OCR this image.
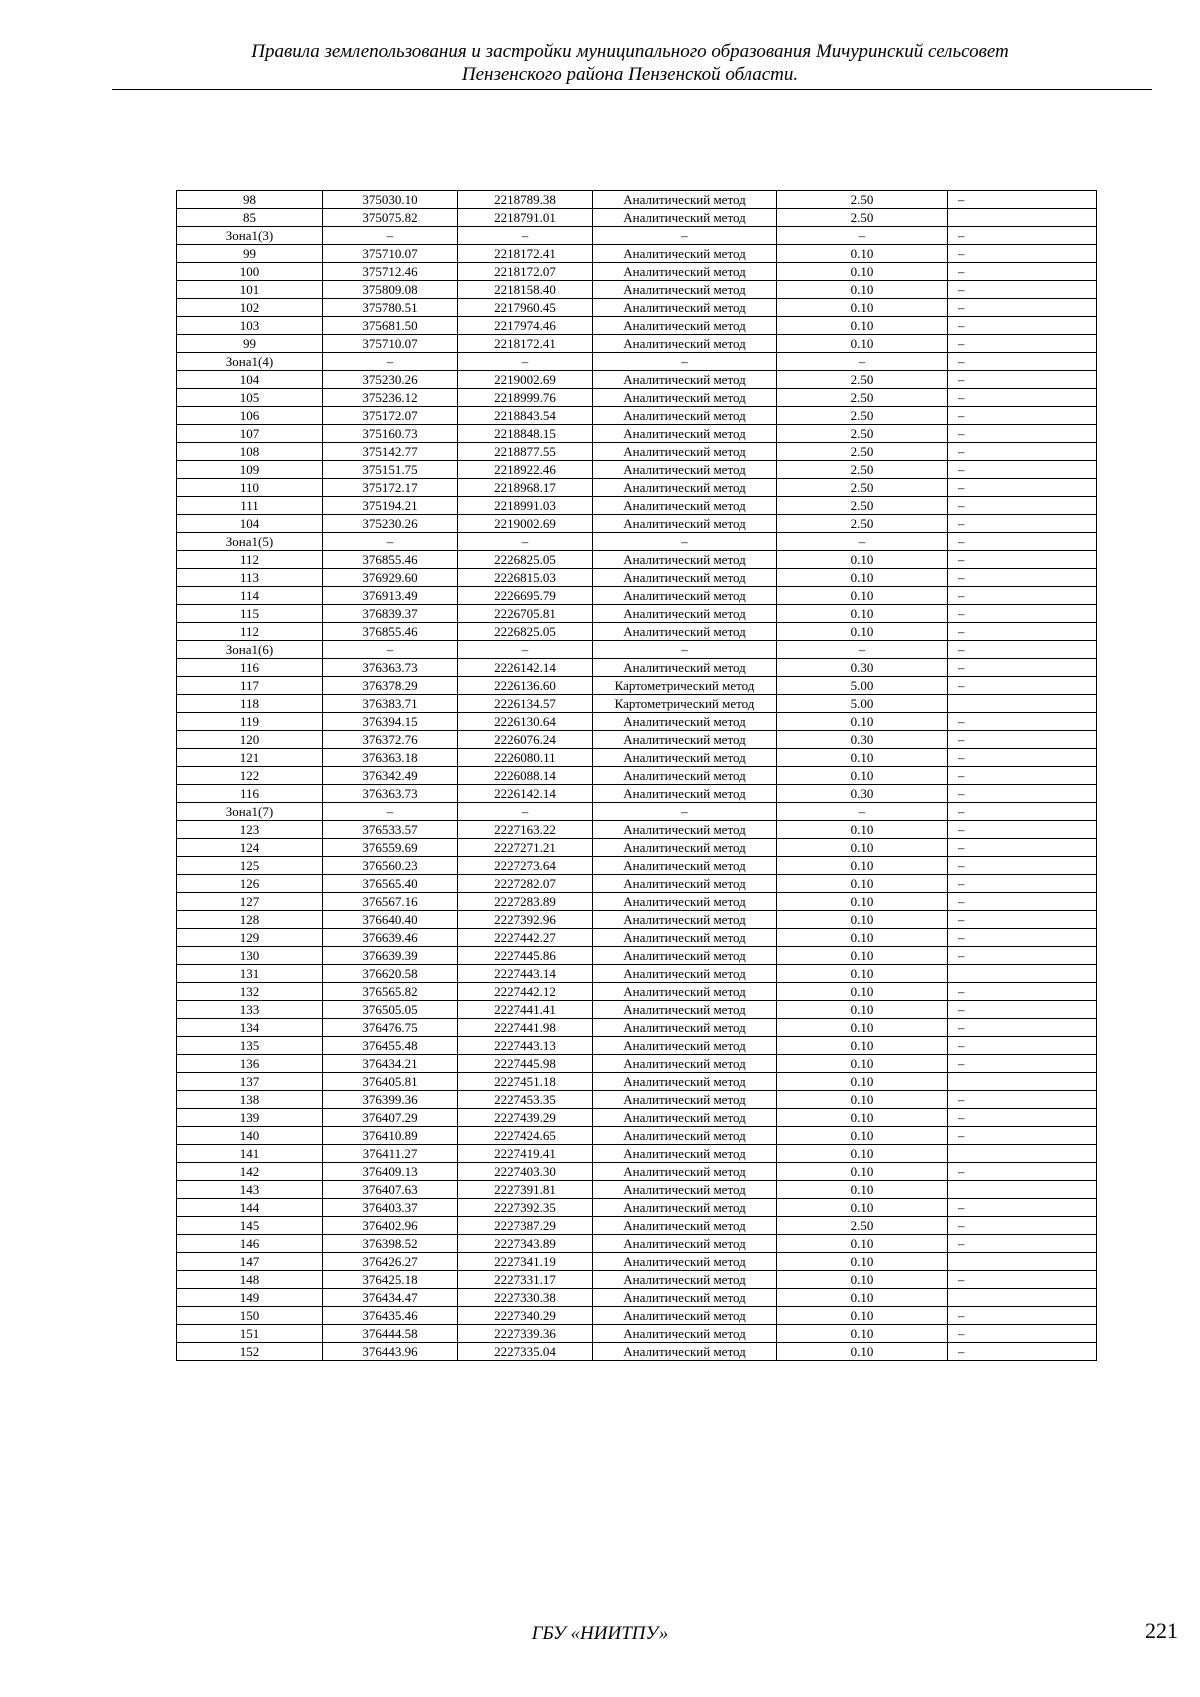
Правила землепользования и застройки муниципального образования Мичуринский сельсовет
Пензенского района Пензенской области.
98	375030.10	2218789.38	Аналитический метод	2.50	–
85	375075.82	2218791.01	Аналитический метод	2.50	
Зона1(3)	–	–	–	–	–
99	375710.07	2218172.41	Аналитический метод	0.10	–
100	375712.46	2218172.07	Аналитический метод	0.10	–
101	375809.08	2218158.40	Аналитический метод	0.10	–
102	375780.51	2217960.45	Аналитический метод	0.10	–
103	375681.50	2217974.46	Аналитический метод	0.10	–
99	375710.07	2218172.41	Аналитический метод	0.10	–
Зона1(4)	–	–	–	–	–
104	375230.26	2219002.69	Аналитический метод	2.50	–
105	375236.12	2218999.76	Аналитический метод	2.50	–
106	375172.07	2218843.54	Аналитический метод	2.50	–
107	375160.73	2218848.15	Аналитический метод	2.50	–
108	375142.77	2218877.55	Аналитический метод	2.50	–
109	375151.75	2218922.46	Аналитический метод	2.50	–
110	375172.17	2218968.17	Аналитический метод	2.50	–
111	375194.21	2218991.03	Аналитический метод	2.50	–
104	375230.26	2219002.69	Аналитический метод	2.50	–
Зона1(5)	–	–	–	–	–
112	376855.46	2226825.05	Аналитический метод	0.10	–
113	376929.60	2226815.03	Аналитический метод	0.10	–
114	376913.49	2226695.79	Аналитический метод	0.10	–
115	376839.37	2226705.81	Аналитический метод	0.10	–
112	376855.46	2226825.05	Аналитический метод	0.10	–
Зона1(6)	–	–	–	–	–
116	376363.73	2226142.14	Аналитический метод	0.30	–
117	376378.29	2226136.60	Картометрический метод	5.00	–
118	376383.71	2226134.57	Картометрический метод	5.00	
119	376394.15	2226130.64	Аналитический метод	0.10	–
120	376372.76	2226076.24	Аналитический метод	0.30	–
121	376363.18	2226080.11	Аналитический метод	0.10	–
122	376342.49	2226088.14	Аналитический метод	0.10	–
116	376363.73	2226142.14	Аналитический метод	0.30	–
Зона1(7)	–	–	–	–	–
123	376533.57	2227163.22	Аналитический метод	0.10	–
124	376559.69	2227271.21	Аналитический метод	0.10	–
125	376560.23	2227273.64	Аналитический метод	0.10	–
126	376565.40	2227282.07	Аналитический метод	0.10	–
127	376567.16	2227283.89	Аналитический метод	0.10	–
128	376640.40	2227392.96	Аналитический метод	0.10	–
129	376639.46	2227442.27	Аналитический метод	0.10	–
130	376639.39	2227445.86	Аналитический метод	0.10	–
131	376620.58	2227443.14	Аналитический метод	0.10	
132	376565.82	2227442.12	Аналитический метод	0.10	–
133	376505.05	2227441.41	Аналитический метод	0.10	–
134	376476.75	2227441.98	Аналитический метод	0.10	–
135	376455.48	2227443.13	Аналитический метод	0.10	–
136	376434.21	2227445.98	Аналитический метод	0.10	–
137	376405.81	2227451.18	Аналитический метод	0.10	
138	376399.36	2227453.35	Аналитический метод	0.10	–
139	376407.29	2227439.29	Аналитический метод	0.10	–
140	376410.89	2227424.65	Аналитический метод	0.10	–
141	376411.27	2227419.41	Аналитический метод	0.10	
142	376409.13	2227403.30	Аналитический метод	0.10	–
143	376407.63	2227391.81	Аналитический метод	0.10	
144	376403.37	2227392.35	Аналитический метод	0.10	–
145	376402.96	2227387.29	Аналитический метод	2.50	–
146	376398.52	2227343.89	Аналитический метод	0.10	–
147	376426.27	2227341.19	Аналитический метод	0.10	
148	376425.18	2227331.17	Аналитический метод	0.10	–
149	376434.47	2227330.38	Аналитический метод	0.10	
150	376435.46	2227340.29	Аналитический метод	0.10	–
151	376444.58	2227339.36	Аналитический метод	0.10	–
152	376443.96	2227335.04	Аналитический метод	0.10	–
ГБУ «НИИТПУ»	221
